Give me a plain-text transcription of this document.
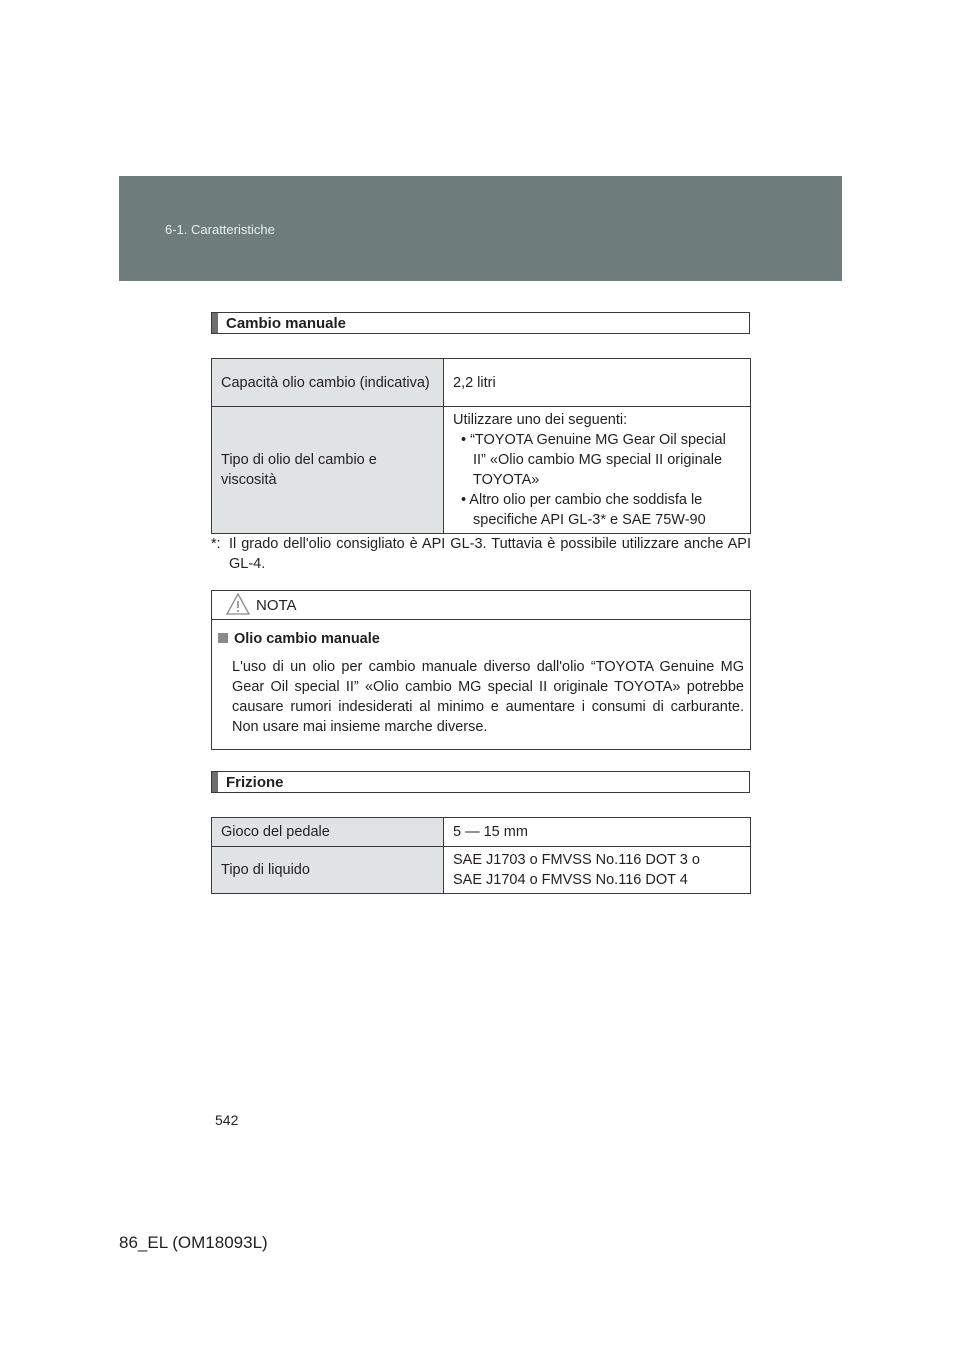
6-1. Caratteristiche
Cambio manuale
Capacità olio cambio (indicativa)	2,2 litri
Tipo di olio del cambio e viscosità	Utilizzare uno dei seguenti:
• “TOYOTA Genuine MG Gear Oil special II” «Olio cambio MG special II originale TOYOTA»
• Altro olio per cambio che soddisfa le specifiche API GL-3* e SAE 75W-90
*: Il grado dell'olio consigliato è API GL-3. Tuttavia è possibile utilizzare anche API GL-4.
NOTA
Olio cambio manuale
L'uso di un olio per cambio manuale diverso dall'olio “TOYOTA Genuine MG Gear Oil special II” «Olio cambio MG special II originale TOYOTA» potrebbe causare rumori indesiderati al minimo e aumentare i consumi di carburante. Non usare mai insieme marche diverse.
Frizione
Gioco del pedale	5 — 15 mm
Tipo di liquido	SAE J1703 o FMVSS No.116 DOT 3 o
SAE J1704 o FMVSS No.116 DOT 4
542
86_EL (OM18093L)
